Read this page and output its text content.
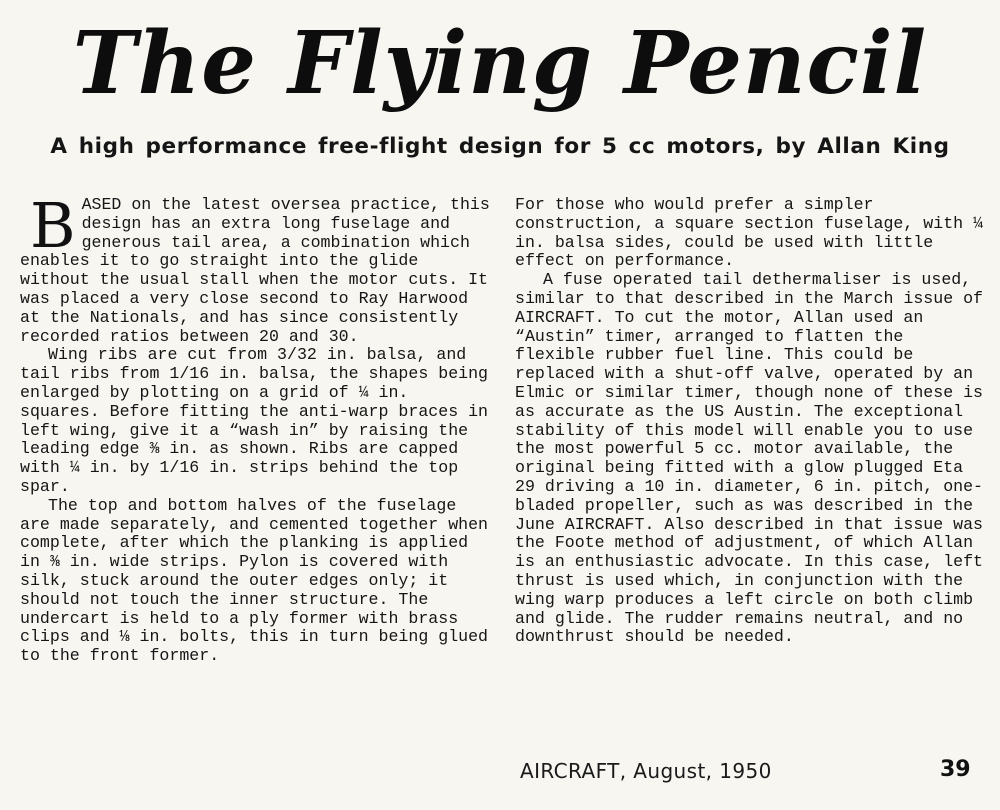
The Flying Pencil
A high performance free-flight design for 5 cc motors, by Allan King

BASED on the latest oversea practice, this design has an extra long fuselage and generous tail area, a combination which enables it to go straight into the glide without the usual stall when the motor cuts. It was placed a very close second to Ray Harwood at the Nationals, and has since consistently recorded ratios between 20 and 30.

Wing ribs are cut from 3/32 in. balsa, and tail ribs from 1/16 in. balsa, the shapes being enlarged by plotting on a grid of ¼ in. squares. Before fitting the anti-warp braces in left wing, give it a “wash in” by raising the leading edge ⅜ in. as shown. Ribs are capped with ¼ in. by 1/16 in. strips behind the top spar.

The top and bottom halves of the fuselage are made separately, and cemented together when complete, after which the planking is applied in ⅜ in. wide strips. Pylon is covered with silk, stuck around the outer edges only; it should not touch the inner structure. The undercart is held to a ply former with brass clips and ⅛ in. bolts, this in turn being glued to the front former.

For those who would prefer a simpler construction, a square section fuselage, with ¼ in. balsa sides, could be used with little effect on performance.

A fuse operated tail dethermaliser is used, similar to that described in the March issue of AIRCRAFT. To cut the motor, Allan used an “Austin” timer, arranged to flatten the flexible rubber fuel line. This could be replaced with a shut-off valve, operated by an Elmic or similar timer, though none of these is as accurate as the US Austin. The exceptional stability of this model will enable you to use the most powerful 5 cc. motor available, the original being fitted with a glow plugged Eta 29 driving a 10 in. diameter, 6 in. pitch, one-bladed propeller, such as was described in the June AIRCRAFT. Also described in that issue was the Foote method of adjustment, of which Allan is an enthusiastic advocate. In this case, left thrust is used which, in conjunction with the wing warp produces a left circle on both climb and glide. The rudder remains neutral, and no downthrust should be needed.

AIRCRAFT, August, 1950	39
